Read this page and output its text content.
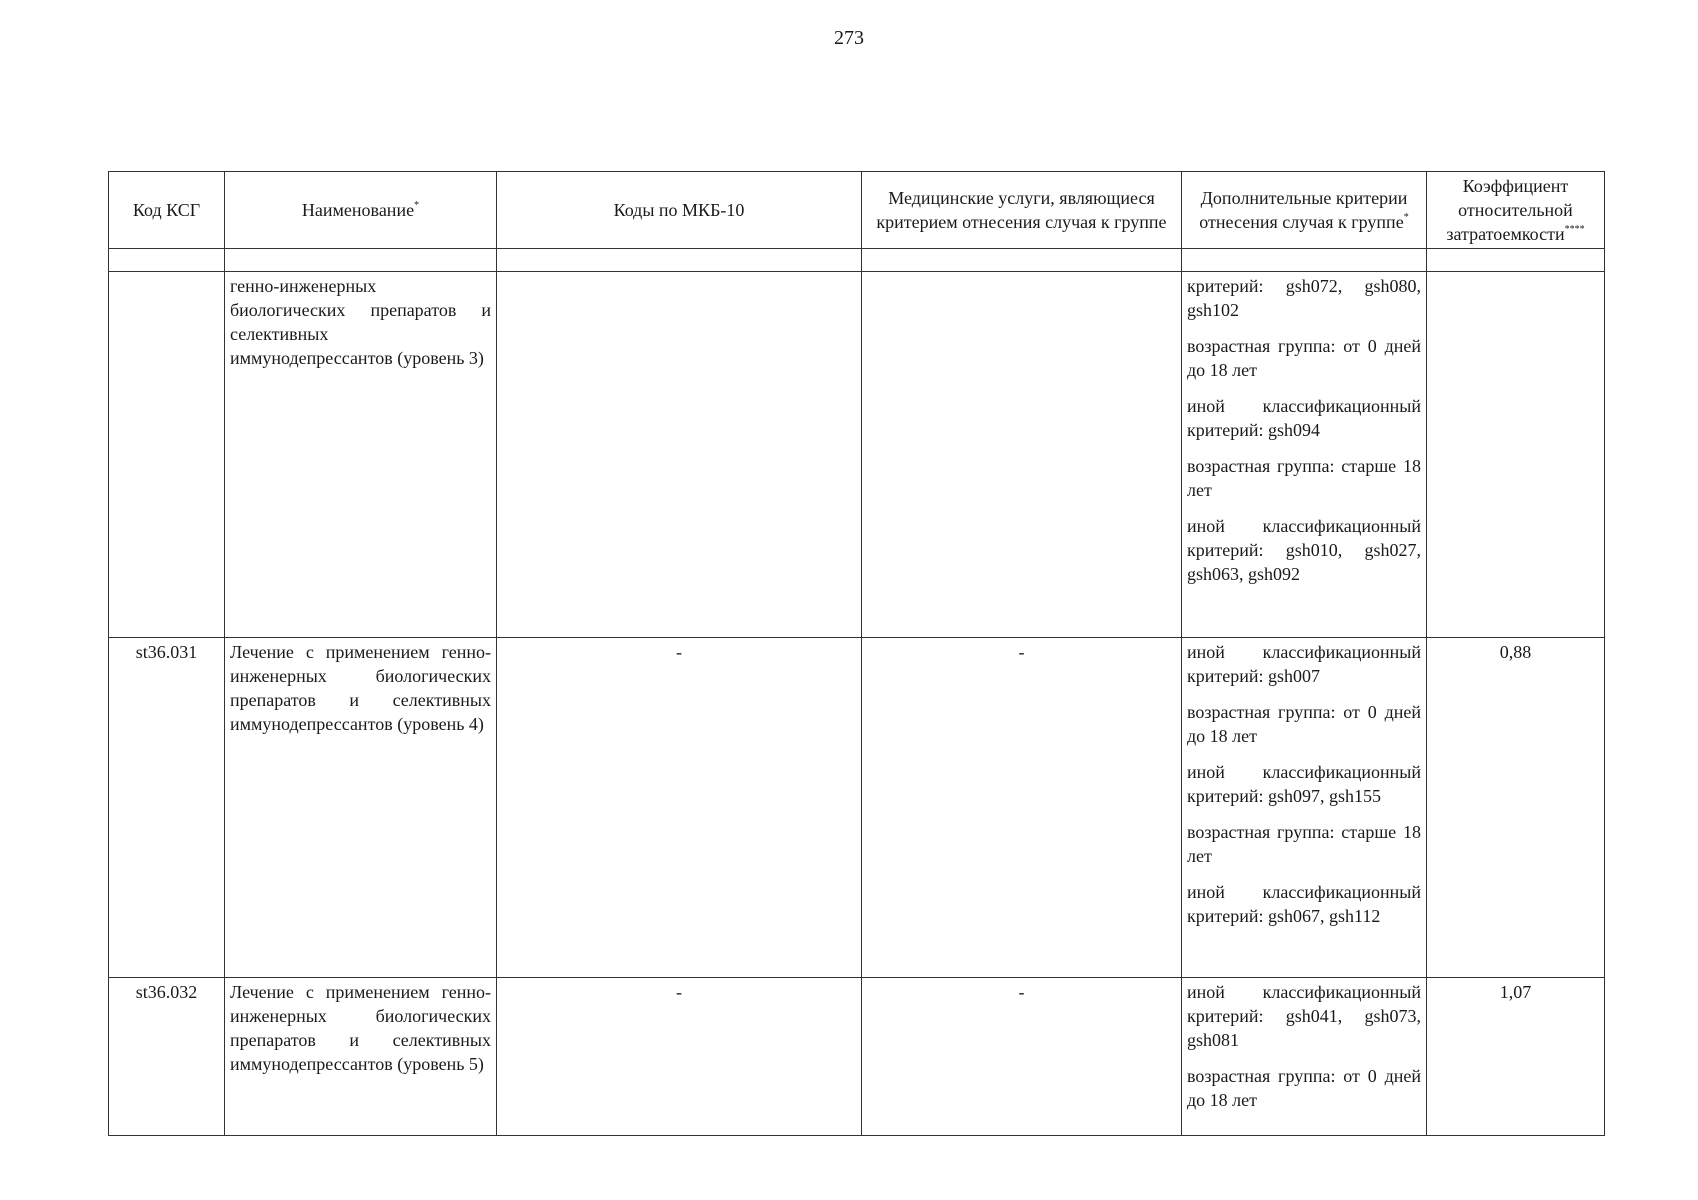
273
Код КСГ	Наименование*	Коды по МКБ-10	Медицинские услуги, являющиеся критерием отнесения случая к группе	Дополнительные критерии отнесения случая к группе*	Коэффициент относительной затратоемкости****

	генно-инженерных биологических препаратов и селективных иммунодепрессантов (уровень 3)			критерий: gsh072, gsh080, gsh102
возрастная группа: от 0 дней до 18 лет
иной классификационный критерий: gsh094
возрастная группа: старше 18 лет
иной классификационный критерий: gsh010, gsh027, gsh063, gsh092	

st36.031	Лечение с применением генно-инженерных биологических препаратов и селективных иммунодепрессантов (уровень 4)	-	-	иной классификационный критерий: gsh007
возрастная группа: от 0 дней до 18 лет
иной классификационный критерий: gsh097, gsh155
возрастная группа: старше 18 лет
иной классификационный критерий: gsh067, gsh112	0,88
st36.032	Лечение с применением генно-инженерных биологических препаратов и селективных иммунодепрессантов (уровень 5)	-	-	иной классификационный критерий: gsh041, gsh073, gsh081
возрастная группа: от 0 дней до 18 лет	1,07
